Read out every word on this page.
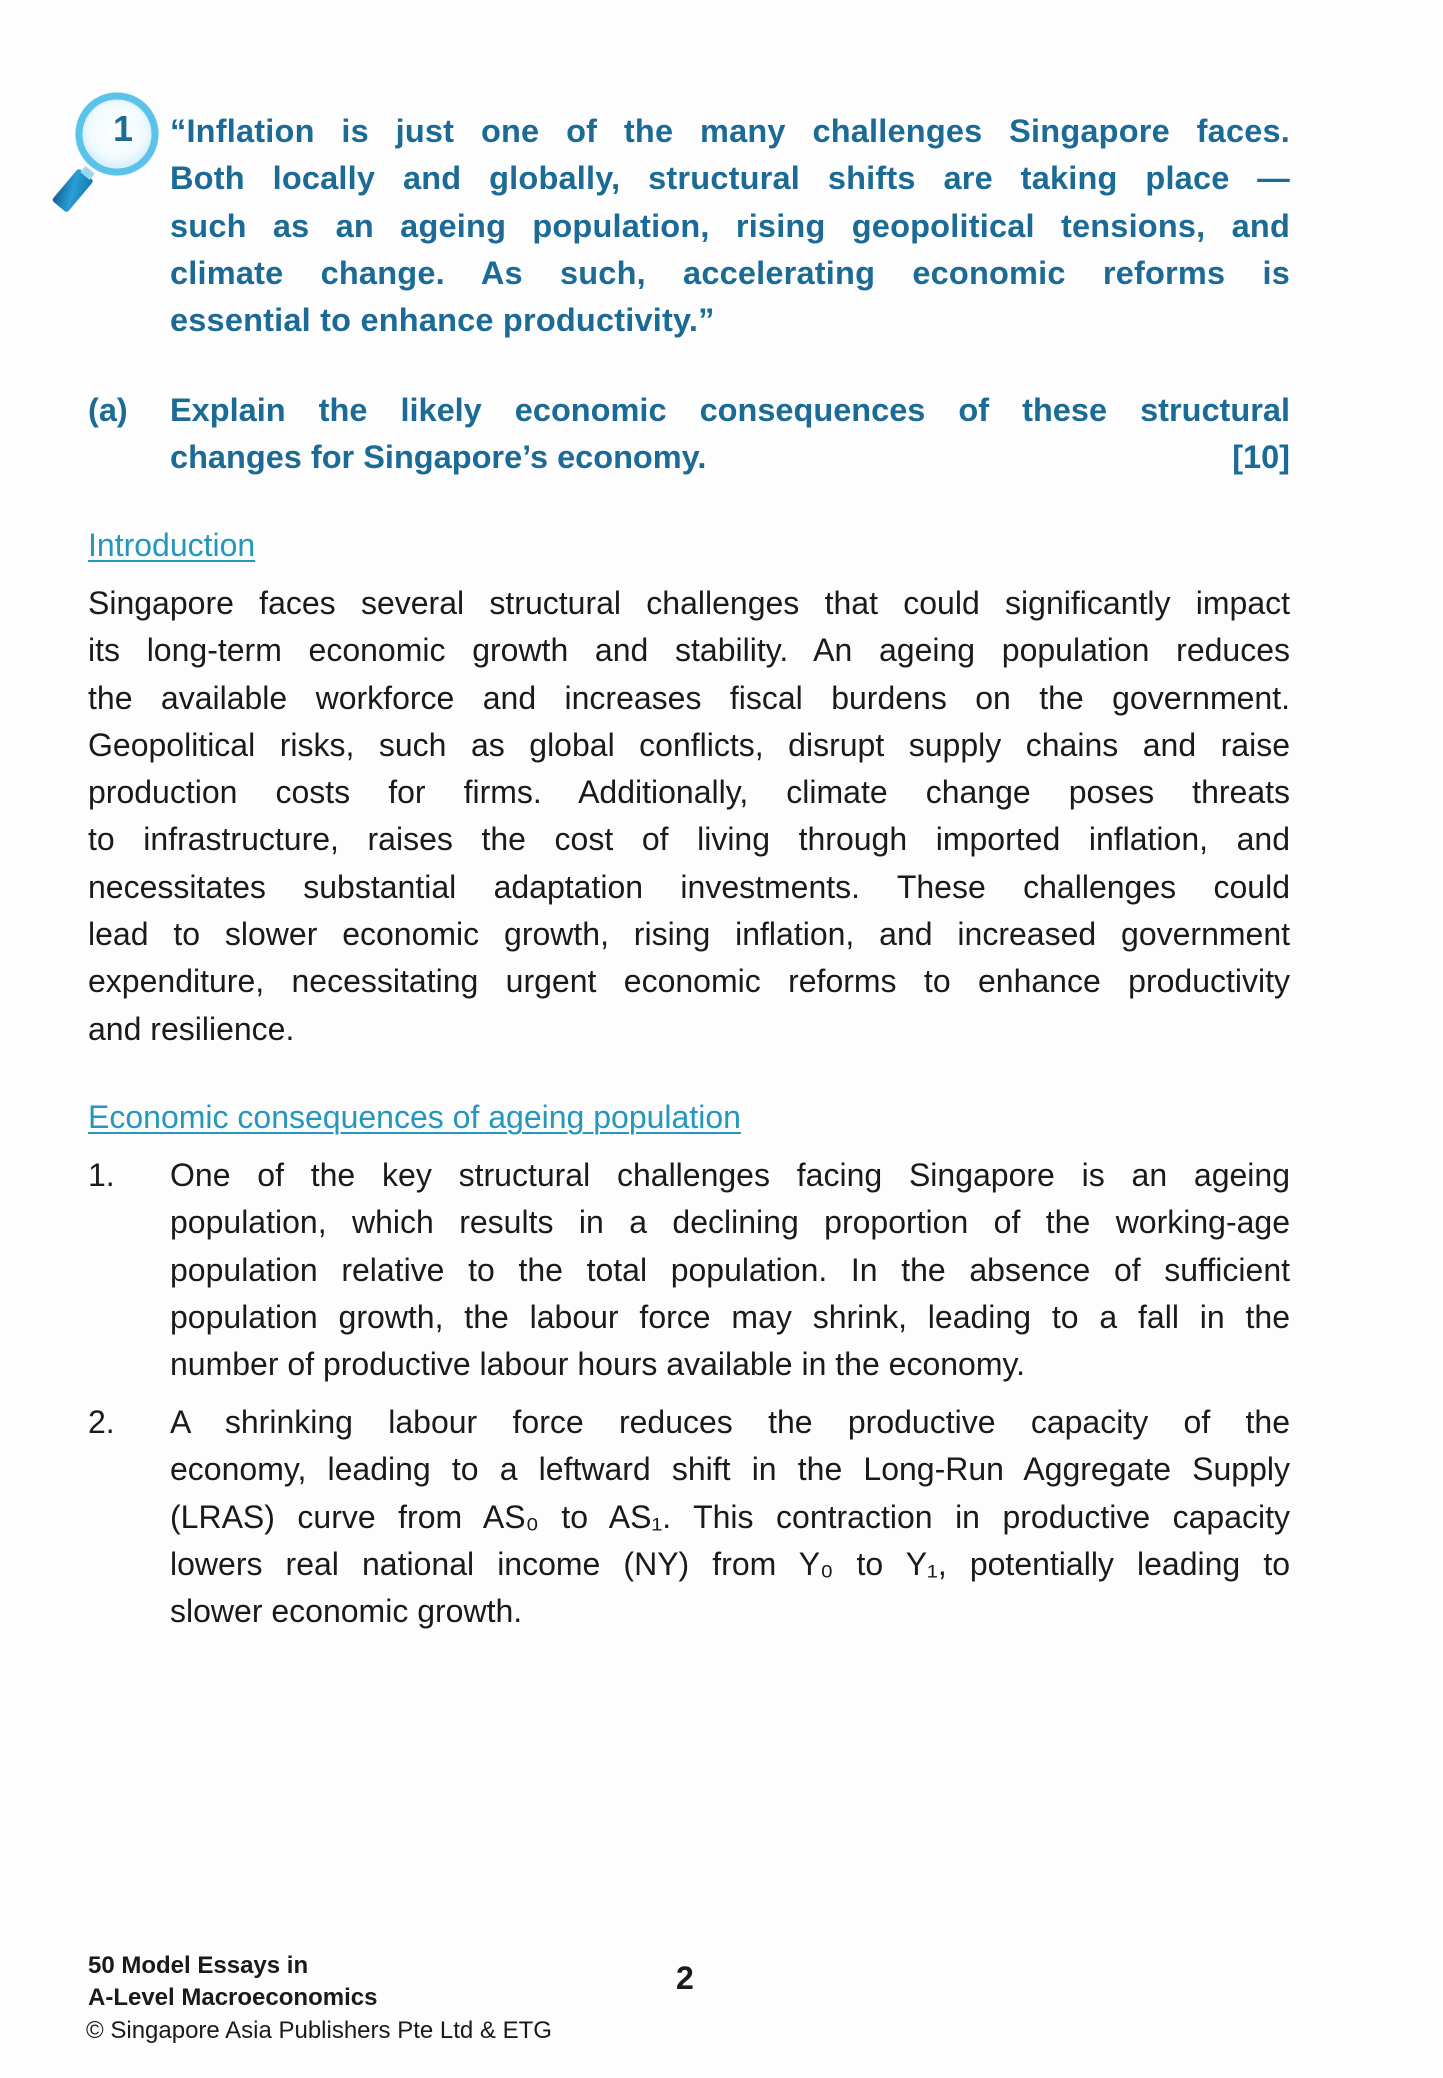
1 “Inflation is just one of the many challenges Singapore faces.
Both locally and globally, structural shifts are taking place —
such as an ageing population, rising geopolitical tensions, and
climate change. As such, accelerating economic reforms is
essential to enhance productivity.”
(a) Explain the likely economic consequences of these structural
changes for Singapore’s economy.	[10]
Introduction
Singapore faces several structural challenges that could significantly impact
its long-term economic growth and stability. An ageing population reduces
the available workforce and increases fiscal burdens on the government.
Geopolitical risks, such as global conflicts, disrupt supply chains and raise
production costs for firms. Additionally, climate change poses threats
to infrastructure, raises the cost of living through imported inflation, and
necessitates substantial adaptation investments. These challenges could
lead to slower economic growth, rising inflation, and increased government
expenditure, necessitating urgent economic reforms to enhance productivity
and resilience.
Economic consequences of ageing population
1.	One of the key structural challenges facing Singapore is an ageing
population, which results in a declining proportion of the working-age
population relative to the total population. In the absence of sufficient
population growth, the labour force may shrink, leading to a fall in the
number of productive labour hours available in the economy.
2.	A shrinking labour force reduces the productive capacity of the
economy, leading to a leftward shift in the Long-Run Aggregate Supply
(LRAS) curve from AS₀ to AS₁. This contraction in productive capacity
lowers real national income (NY) from Y₀ to Y₁, potentially leading to
slower economic growth.
50 Model Essays in
A-Level Macroeconomics
© Singapore Asia Publishers Pte Ltd & ETG
2
